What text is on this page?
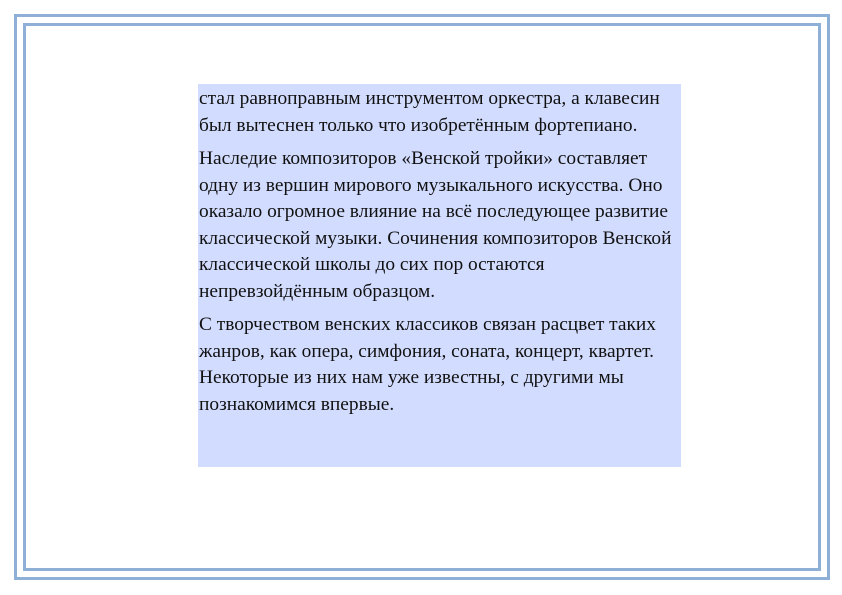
стал равноправным инструментом оркестра, а клавесин был вытеснен только что изобретённым фортепиано.

Наследие композиторов «Венской тройки» составляет одну из вершин мирового музыкального искусства. Оно оказало огромное влияние на всё последующее развитие классической музыки. Сочинения композиторов Венской классической школы до сих пор остаются непревзойдённым образцом.

С творчеством венских классиков связан расцвет таких жанров, как опера, симфония, соната, концерт, квартет. Некоторые из них нам уже известны, с другими мы познакомимся впервые.
